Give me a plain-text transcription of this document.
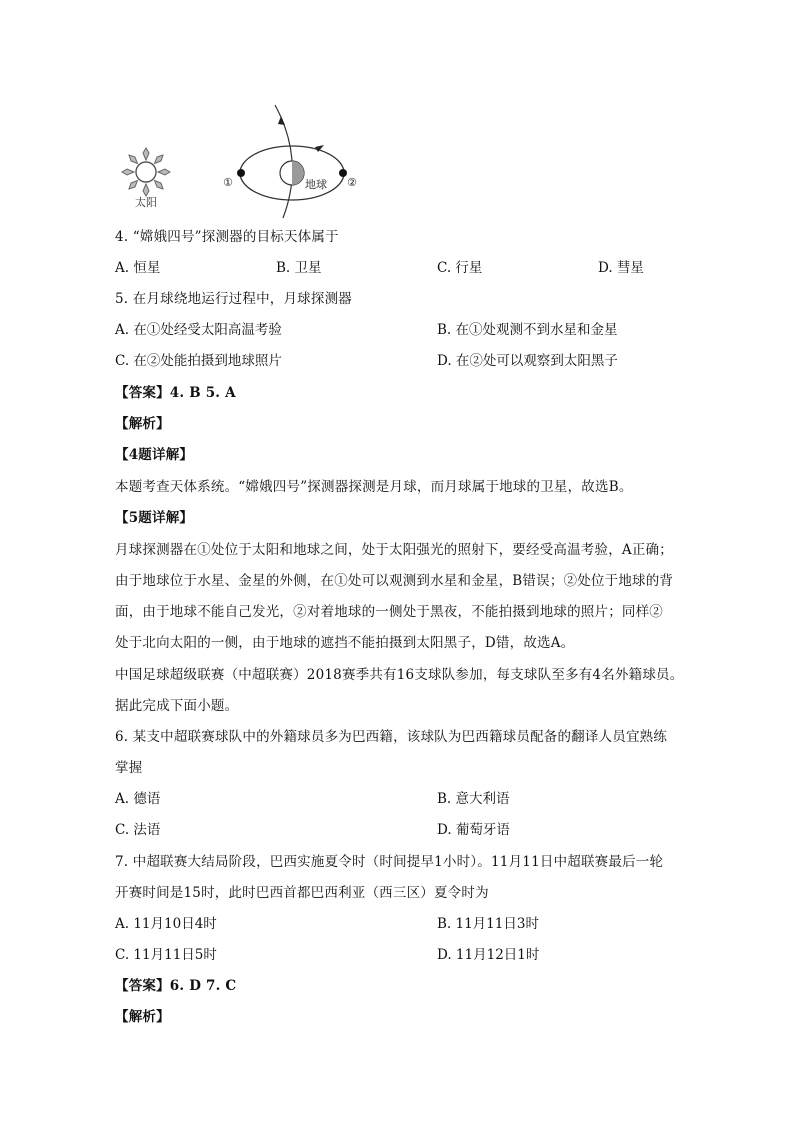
太阳
地球
①	②
4. “嫦娥四号”探测器的目标天体属于
A. 恒星	B. 卫星	C. 行星	D. 彗星
5. 在月球绕地运行过程中，月球探测器
A. 在①处经受太阳高温考验	B. 在①处观测不到水星和金星
C. 在②处能拍摄到地球照片	D. 在②处可以观察到太阳黑子
【答案】4. B 5. A
【解析】
【4题详解】
本题考查天体系统。“嫦娥四号”探测器探测是月球，而月球属于地球的卫星，故选B。
【5题详解】
月球探测器在①处位于太阳和地球之间，处于太阳强光的照射下，要经受高温考验，A正确；
由于地球位于水星、金星的外侧，在①处可以观测到水星和金星，B错误；②处位于地球的背
面，由于地球不能自己发光，②对着地球的一侧处于黑夜，不能拍摄到地球的照片；同样②
处于北向太阳的一侧，由于地球的遮挡不能拍摄到太阳黑子，D错，故选A。
中国足球超级联赛（中超联赛）2018赛季共有16支球队参加，每支球队至多有4名外籍球员。
据此完成下面小题。
6. 某支中超联赛球队中的外籍球员多为巴西籍，该球队为巴西籍球员配备的翻译人员宜熟练
掌握
A. 德语	B. 意大利语
C. 法语	D. 葡萄牙语
7. 中超联赛大结局阶段，巴西实施夏令时（时间提早1小时）。11月11日中超联赛最后一轮
开赛时间是15时，此时巴西首都巴西利亚（西三区）夏令时为
A. 11月10日4时	B. 11月11日3时
C. 11月11日5时	D. 11月12日1时
【答案】6. D 7. C
【解析】
